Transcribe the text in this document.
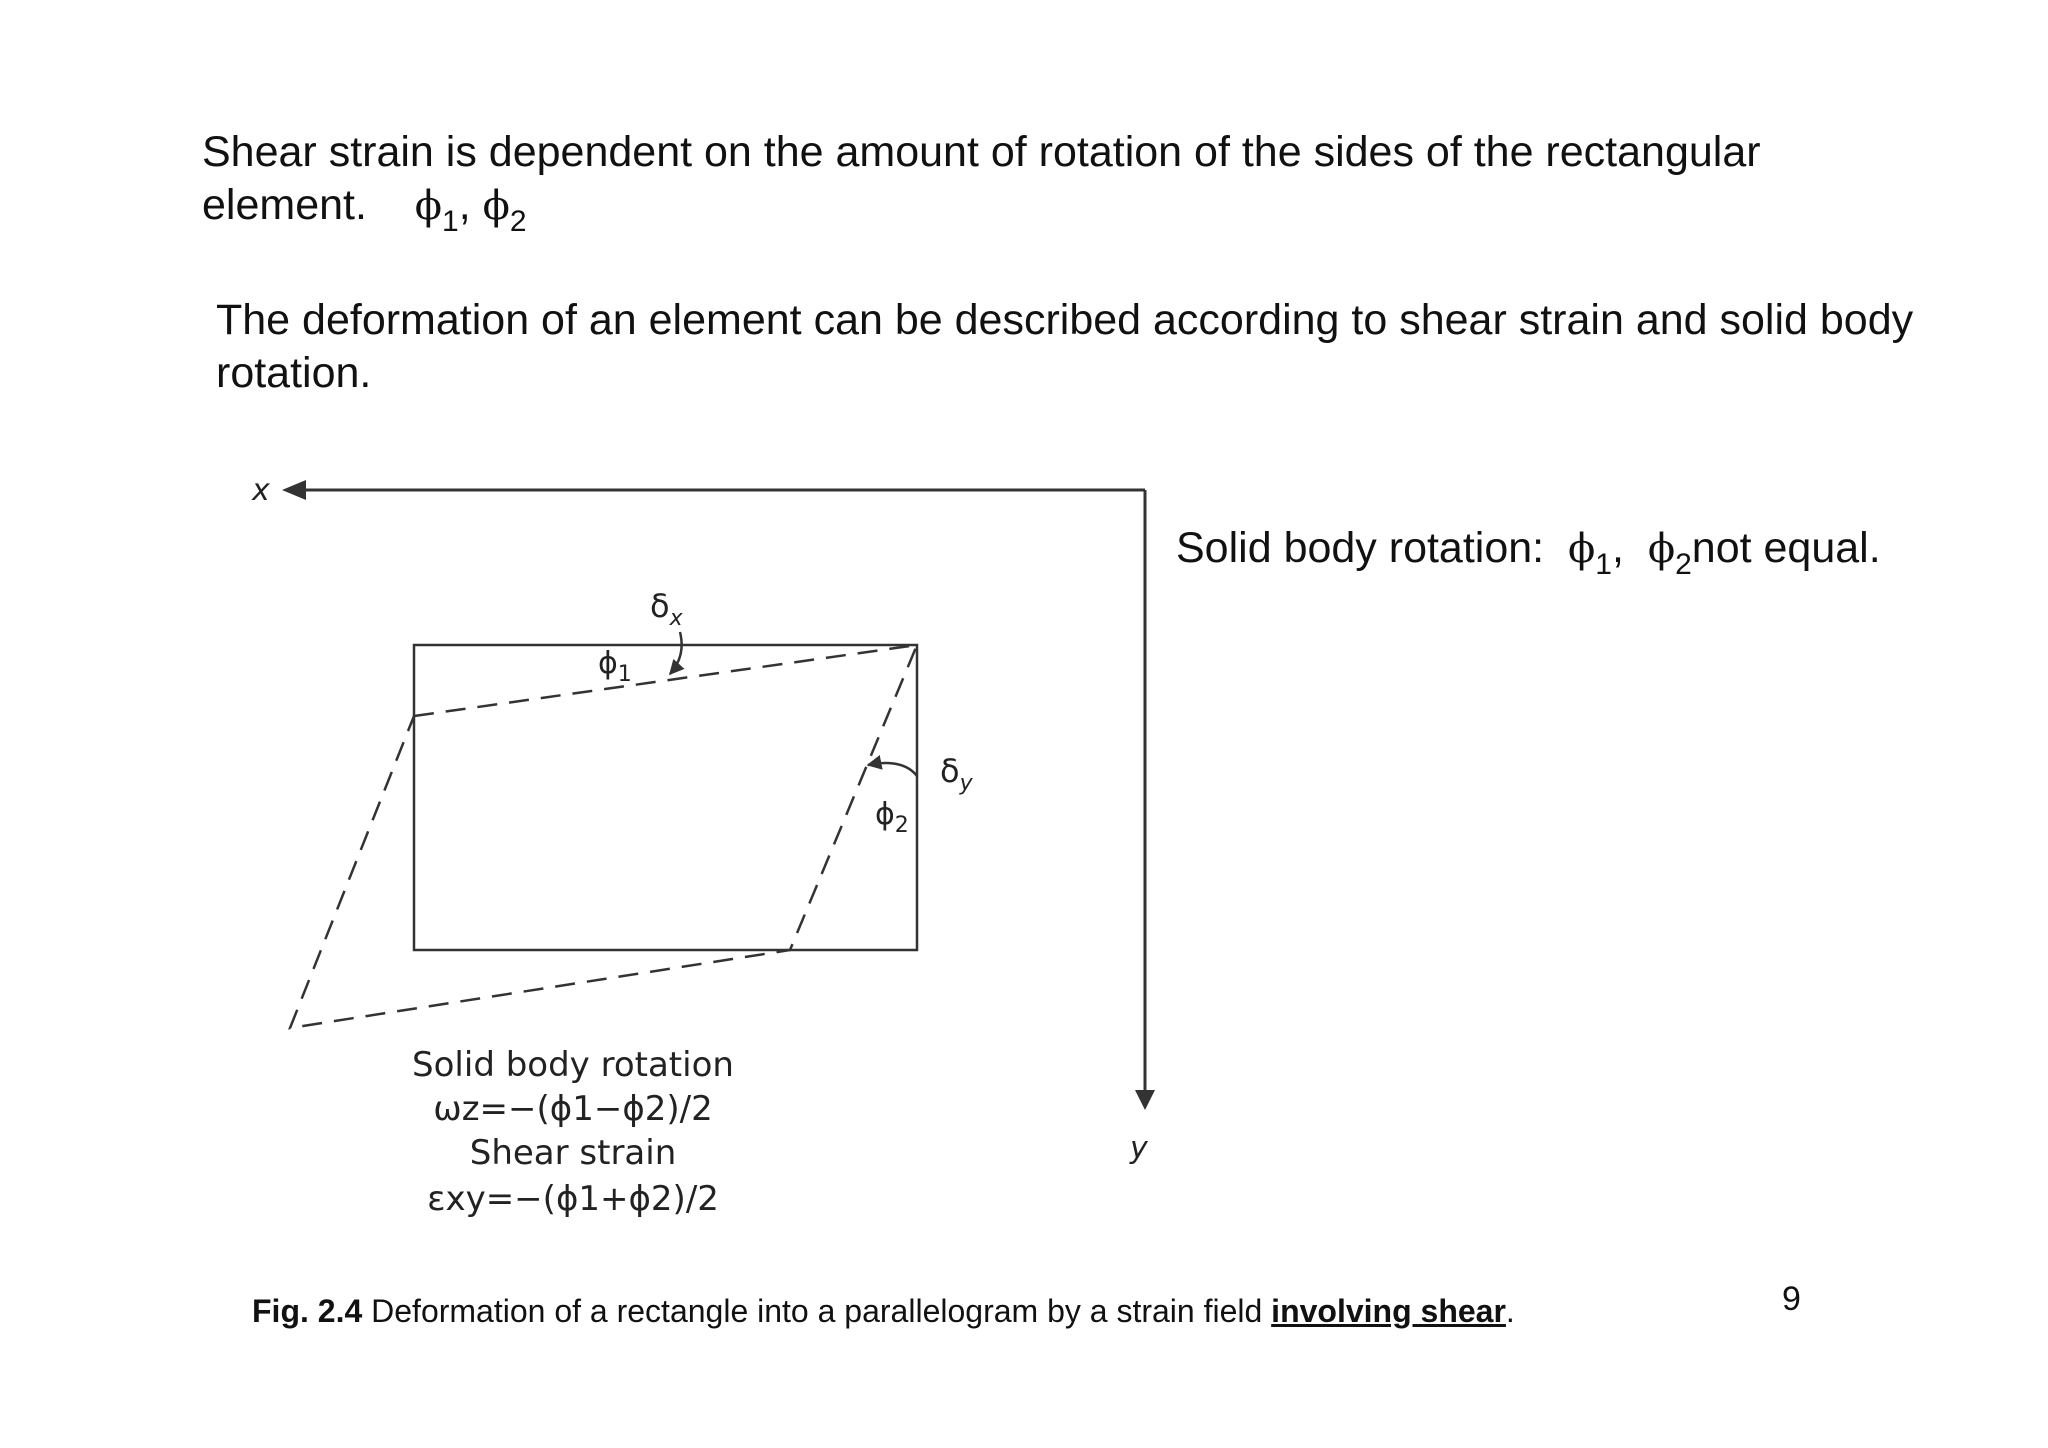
Shear strain is dependent on the amount of rotation of the sides of the rectangular element. $\phi_1$, $\phi_2$

The deformation of an element can be described according to shear strain and solid body rotation.

Solid body rotation: $\phi_1$, $\phi_2not$ equal.

x
y
$\delta_x$
$\phi_1$
$\delta_y$
$\phi_2$
Solid body rotation
ωz=−(ϕ1−ϕ2)/2
Shear strain
εxy=−(ϕ1+ϕ2)/2
Fig. 2.4 Deformation of a rectangle into a parallelogram by a strain field involving shear.	9
